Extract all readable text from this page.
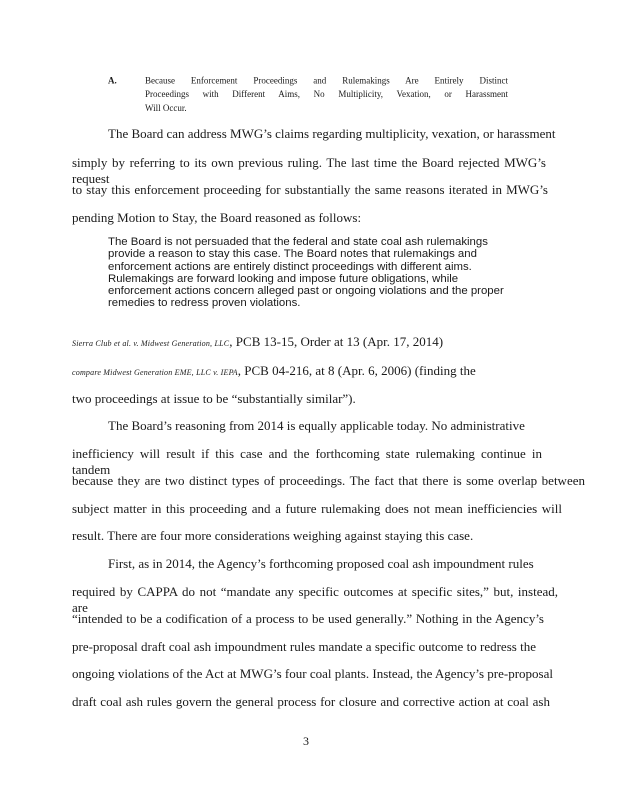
A.	Because Enforcement Proceedings and Rulemakings Are Entirely Distinct
Proceedings with Different Aims, No Multiplicity, Vexation, or Harassment
Will Occur.
The Board can address MWG’s claims regarding multiplicity, vexation, or harassment
simply by referring to its own previous ruling. The last time the Board rejected MWG’s request
to stay this enforcement proceeding for substantially the same reasons iterated in MWG’s
pending Motion to Stay, the Board reasoned as follows:

The Board is not persuaded that the federal and state coal ash rulemakings provide a reason to stay this case. The Board notes that rulemakings and enforcement actions are entirely distinct proceedings with different aims. Rulemakings are forward looking and impose future obligations, while enforcement actions concern alleged past or ongoing violations and the proper remedies to redress proven violations.

Sierra Club et al. v. Midwest Generation, LLC, PCB 13-15, Order at 13 (Apr. 17, 2014)
compare Midwest Generation EME, LLC v. IEPA, PCB 04-216, at 8 (Apr. 6, 2006) (finding the
two proceedings at issue to be “substantially similar”).
The Board’s reasoning from 2014 is equally applicable today. No administrative
inefficiency will result if this case and the forthcoming state rulemaking continue in tandem
because they are two distinct types of proceedings. The fact that there is some overlap between
subject matter in this proceeding and a future rulemaking does not mean inefficiencies will
result. There are four more considerations weighing against staying this case.
First, as in 2014, the Agency’s forthcoming proposed coal ash impoundment rules
required by CAPPA do not “mandate any specific outcomes at specific sites,” but, instead, are
“intended to be a codification of a process to be used generally.” Nothing in the Agency’s
pre-proposal draft coal ash impoundment rules mandate a specific outcome to redress the
ongoing violations of the Act at MWG’s four coal plants. Instead, the Agency’s pre-proposal
draft coal ash rules govern the general process for closure and corrective action at coal ash
3
